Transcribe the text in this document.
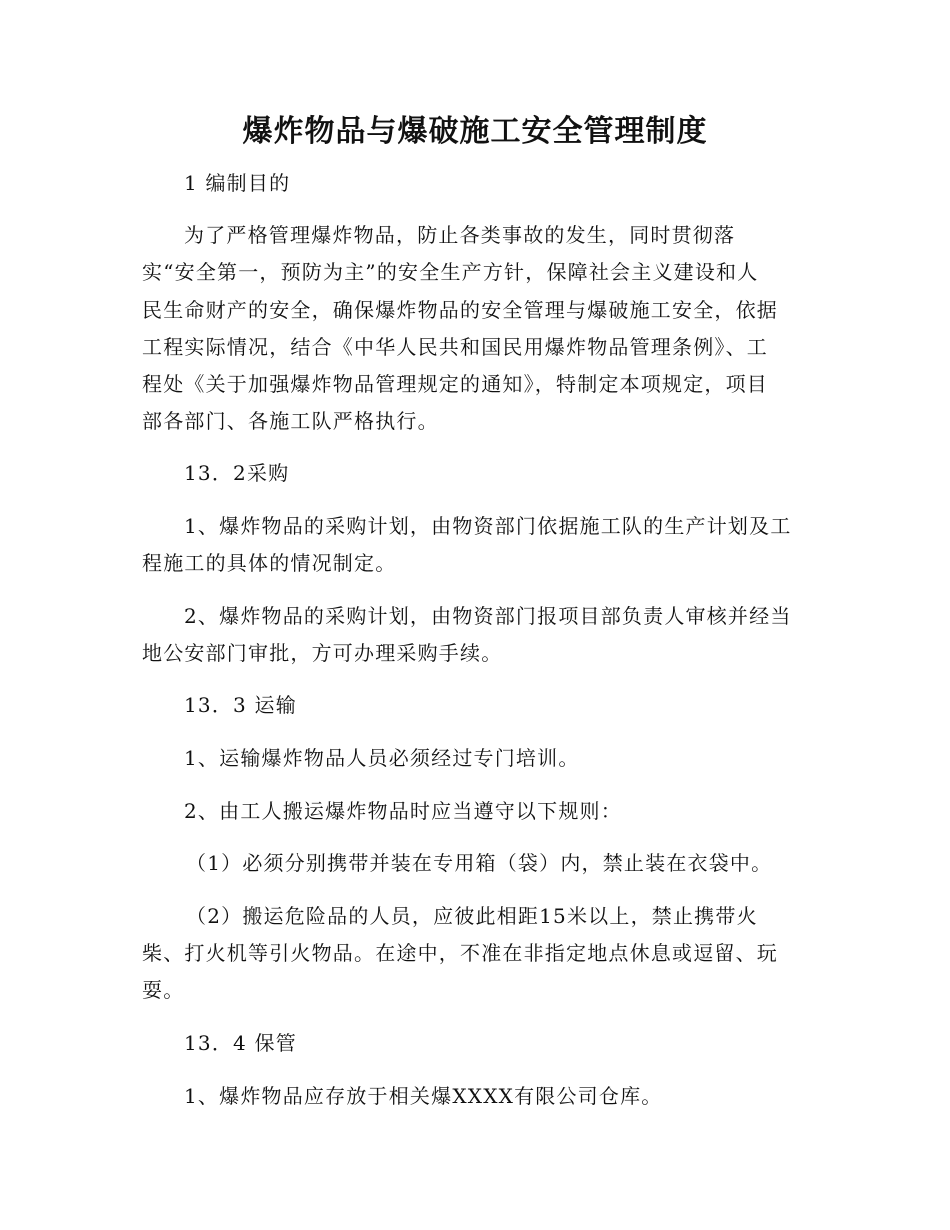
爆炸物品与爆破施工安全管理制度
1 编制目的
为了严格管理爆炸物品，防止各类事故的发生，同时贯彻落
实“安全第一，预防为主”的安全生产方针，保障社会主义建设和人
民生命财产的安全，确保爆炸物品的安全管理与爆破施工安全，依据
工程实际情况，结合《中华人民共和国民用爆炸物品管理条例》、工
程处《关于加强爆炸物品管理规定的通知》，特制定本项规定，项目
部各部门、各施工队严格执行。
13．2采购
1、爆炸物品的采购计划，由物资部门依据施工队的生产计划及工
程施工的具体的情况制定。
2、爆炸物品的采购计划，由物资部门报项目部负责人审核并经当
地公安部门审批，方可办理采购手续。
13．3 运输
1、运输爆炸物品人员必须经过专门培训。
2、由工人搬运爆炸物品时应当遵守以下规则：
（1）必须分别携带并装在专用箱（袋）内，禁止装在衣袋中。
（2）搬运危险品的人员，应彼此相距15米以上，禁止携带火
柴、打火机等引火物品。在途中，不准在非指定地点休息或逗留、玩
耍。
13．4 保管
1、爆炸物品应存放于相关爆XXXX有限公司仓库。
